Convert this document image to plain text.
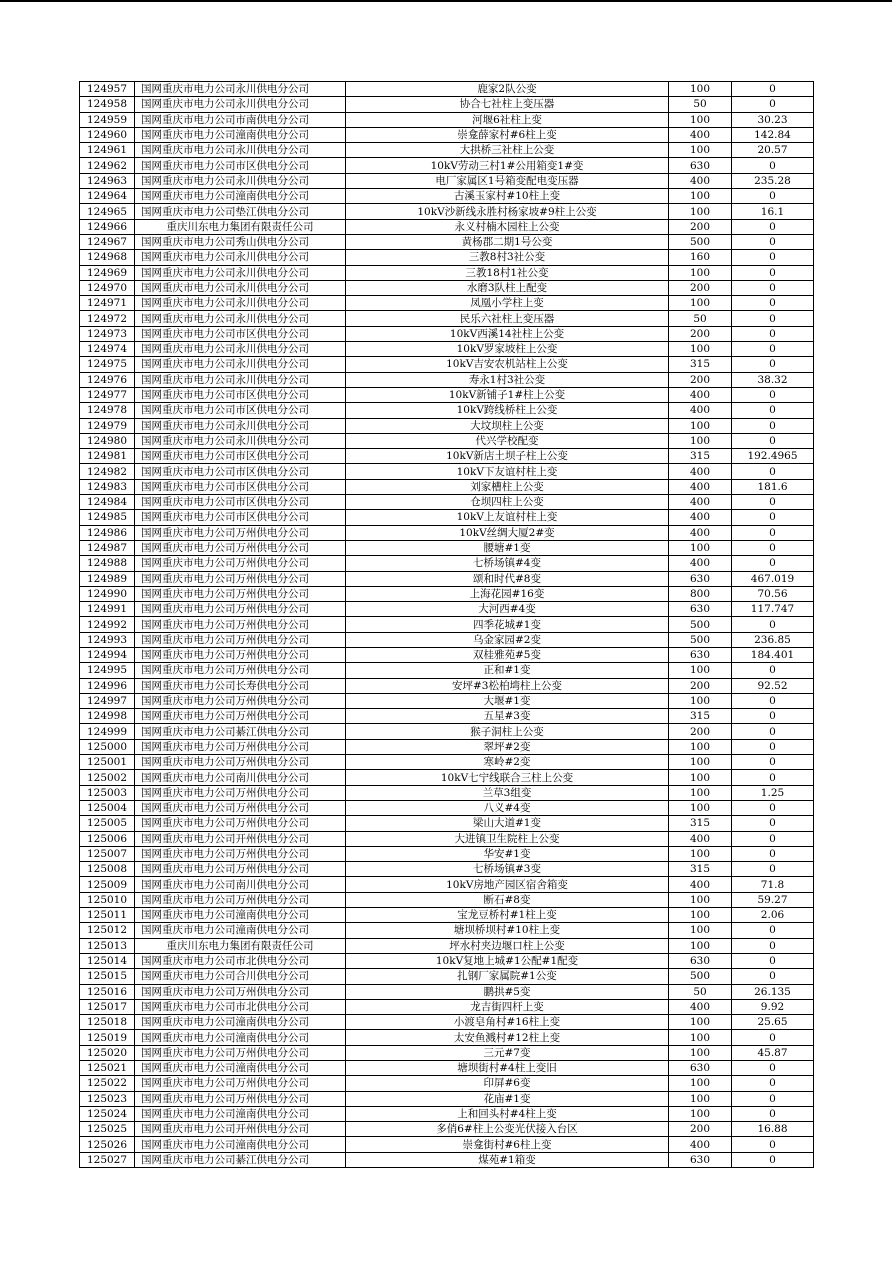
124957	国网重庆市电力公司永川供电分公司	鹿家2队公变	100	0
124958	国网重庆市电力公司永川供电分公司	协合七社柱上变压器	50	0
124959	国网重庆市电力公司市南供电分公司	河堰6社柱上变	100	30.23
124960	国网重庆市电力公司潼南供电分公司	崇龛薛家村#6柱上变	400	142.84
124961	国网重庆市电力公司永川供电分公司	大拱桥三社柱上公变	100	20.57
124962	国网重庆市电力公司市区供电分公司	10kV劳动三村1#公用箱变1#变	630	0
124963	国网重庆市电力公司永川供电分公司	电厂家属区1号箱变配电变压器	400	235.28
124964	国网重庆市电力公司潼南供电分公司	古溪玉家村#10柱上变	100	0
124965	国网重庆市电力公司垫江供电分公司	10kV沙新线永胜村杨家坡#9柱上公变	100	16.1
124966	重庆川东电力集团有限责任公司	永义村楠木园柱上公变	200	0
124967	国网重庆市电力公司秀山供电分公司	黄杨郡二期1号公变	500	0
124968	国网重庆市电力公司永川供电分公司	三教8村3社公变	160	0
124969	国网重庆市电力公司永川供电分公司	三教18村1社公变	100	0
124970	国网重庆市电力公司永川供电分公司	水磨3队柱上配变	200	0
124971	国网重庆市电力公司永川供电分公司	凤凰小学柱上变	100	0
124972	国网重庆市电力公司永川供电分公司	民乐六社柱上变压器	50	0
124973	国网重庆市电力公司市区供电分公司	10kV西溪14社柱上公变	200	0
124974	国网重庆市电力公司永川供电分公司	10kV罗家坡柱上公变	100	0
124975	国网重庆市电力公司永川供电分公司	10kV吉安农机站柱上公变	315	0
124976	国网重庆市电力公司永川供电分公司	寿永1村3社公变	200	38.32
124977	国网重庆市电力公司市区供电分公司	10kV新铺子1#柱上公变	400	0
124978	国网重庆市电力公司市区供电分公司	10kV跨线桥柱上公变	400	0
124979	国网重庆市电力公司永川供电分公司	大坟坝柱上公变	100	0
124980	国网重庆市电力公司永川供电分公司	代兴学校配变	100	0
124981	国网重庆市电力公司市区供电分公司	10kV新店土坝子柱上公变	315	192.4965
124982	国网重庆市电力公司市区供电分公司	10kV下友谊村柱上变	400	0
124983	国网重庆市电力公司市区供电分公司	刘家槽柱上公变	400	181.6
124984	国网重庆市电力公司市区供电分公司	仓坝四柱上公变	400	0
124985	国网重庆市电力公司市区供电分公司	10kV上友谊村柱上变	400	0
124986	国网重庆市电力公司万州供电分公司	10kV丝绸大厦2#变	400	0
124987	国网重庆市电力公司万州供电分公司	腰塘#1变	100	0
124988	国网重庆市电力公司万州供电分公司	七桥场镇#4变	400	0
124989	国网重庆市电力公司万州供电分公司	颂和时代#8变	630	467.019
124990	国网重庆市电力公司万州供电分公司	上海花园#16变	800	70.56
124991	国网重庆市电力公司万州供电分公司	大河西#4变	630	117.747
124992	国网重庆市电力公司万州供电分公司	四季花城#1变	500	0
124993	国网重庆市电力公司万州供电分公司	乌金家园#2变	500	236.85
124994	国网重庆市电力公司万州供电分公司	双桂雅苑#5变	630	184.401
124995	国网重庆市电力公司万州供电分公司	正和#1变	100	0
124996	国网重庆市电力公司长寿供电分公司	安坪#3松柏塆柱上公变	200	92.52
124997	国网重庆市电力公司万州供电分公司	大堰#1变	100	0
124998	国网重庆市电力公司万州供电分公司	五星#3变	315	0
124999	国网重庆市电力公司綦江供电分公司	猴子洞柱上公变	200	0
125000	国网重庆市电力公司万州供电分公司	翠坪#2变	100	0
125001	国网重庆市电力公司万州供电分公司	寒岭#2变	100	0
125002	国网重庆市电力公司南川供电分公司	10kV七宁线联合三柱上公变	100	0
125003	国网重庆市电力公司万州供电分公司	兰草3组变	100	1.25
125004	国网重庆市电力公司万州供电分公司	八义#4变	100	0
125005	国网重庆市电力公司万州供电分公司	梁山大道#1变	315	0
125006	国网重庆市电力公司开州供电分公司	大进镇卫生院柱上公变	400	0
125007	国网重庆市电力公司万州供电分公司	华安#1变	100	0
125008	国网重庆市电力公司万州供电分公司	七桥场镇#3变	315	0
125009	国网重庆市电力公司南川供电分公司	10kV房地产园区宿舍箱变	400	71.8
125010	国网重庆市电力公司万州供电分公司	断石#8变	100	59.27
125011	国网重庆市电力公司潼南供电分公司	宝龙豆桥村#1柱上变	100	2.06
125012	国网重庆市电力公司潼南供电分公司	塘坝桥坝村#10柱上变	100	0
125013	重庆川东电力集团有限责任公司	坪水村夹边堰口柱上公变	100	0
125014	国网重庆市电力公司市北供电分公司	10kV复地上城#1公配#1配变	630	0
125015	国网重庆市电力公司合川供电分公司	扎钢厂家属院#1公变	500	0
125016	国网重庆市电力公司万州供电分公司	鹏拱#5变	50	26.135
125017	国网重庆市电力公司市北供电分公司	龙吉街四杆上变	400	9.92
125018	国网重庆市电力公司潼南供电分公司	小渡皂角村#16柱上变	100	25.65
125019	国网重庆市电力公司潼南供电分公司	太安鱼溅村#12柱上变	100	0
125020	国网重庆市电力公司万州供电分公司	三元#7变	100	45.87
125021	国网重庆市电力公司潼南供电分公司	塘坝街村#4柱上变旧	630	0
125022	国网重庆市电力公司万州供电分公司	印屏#6变	100	0
125023	国网重庆市电力公司万州供电分公司	花庙#1变	100	0
125024	国网重庆市电力公司潼南供电分公司	上和回头村#4柱上变	100	0
125025	国网重庆市电力公司开州供电分公司	多俏6#柱上公变光伏接入台区	200	16.88
125026	国网重庆市电力公司潼南供电分公司	崇龛街村#6柱上变	400	0
125027	国网重庆市电力公司綦江供电分公司	煤苑#1箱变	630	0
